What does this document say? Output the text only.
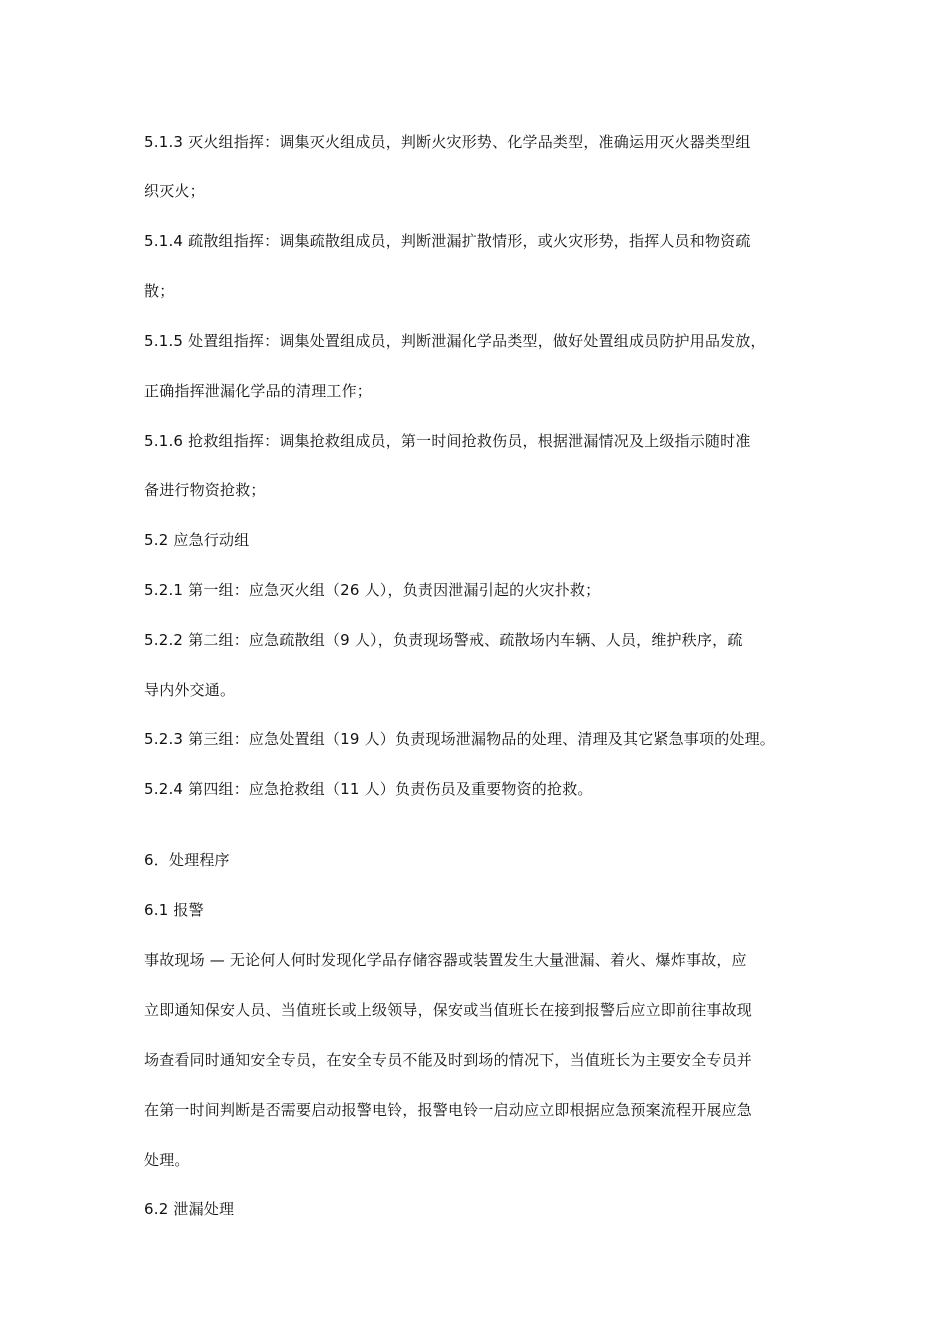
5.1.3 灭火组指挥：调集灭火组成员，判断火灾形势、化学品类型，准确运用灭火器类型组
织灭火；
5.1.4 疏散组指挥：调集疏散组成员，判断泄漏扩散情形，或火灾形势，指挥人员和物资疏
散；
5.1.5 处置组指挥：调集处置组成员，判断泄漏化学品类型，做好处置组成员防护用品发放，
正确指挥泄漏化学品的清理工作；
5.1.6 抢救组指挥：调集抢救组成员，第一时间抢救伤员，根据泄漏情况及上级指示随时准
备进行物资抢救；
5.2 应急行动组
5.2.1 第一组：应急灭火组（26 人），负责因泄漏引起的火灾扑救；
5.2.2 第二组：应急疏散组（9 人），负责现场警戒、疏散场内车辆、人员，维护秩序，疏
导内外交通。
5.2.3 第三组：应急处置组（19 人）负责现场泄漏物品的处理、清理及其它紧急事项的处理。
5.2.4 第四组：应急抢救组（11 人）负责伤员及重要物资的抢救。
6．处理程序
6.1 报警
事故现场 — 无论何人何时发现化学品存储容器或装置发生大量泄漏、着火、爆炸事故，应
立即通知保安人员、当值班长或上级领导，保安或当值班长在接到报警后应立即前往事故现
场查看同时通知安全专员，在安全专员不能及时到场的情况下，当值班长为主要安全专员并
在第一时间判断是否需要启动报警电铃，报警电铃一启动应立即根据应急预案流程开展应急
处理。
6.2 泄漏处理
